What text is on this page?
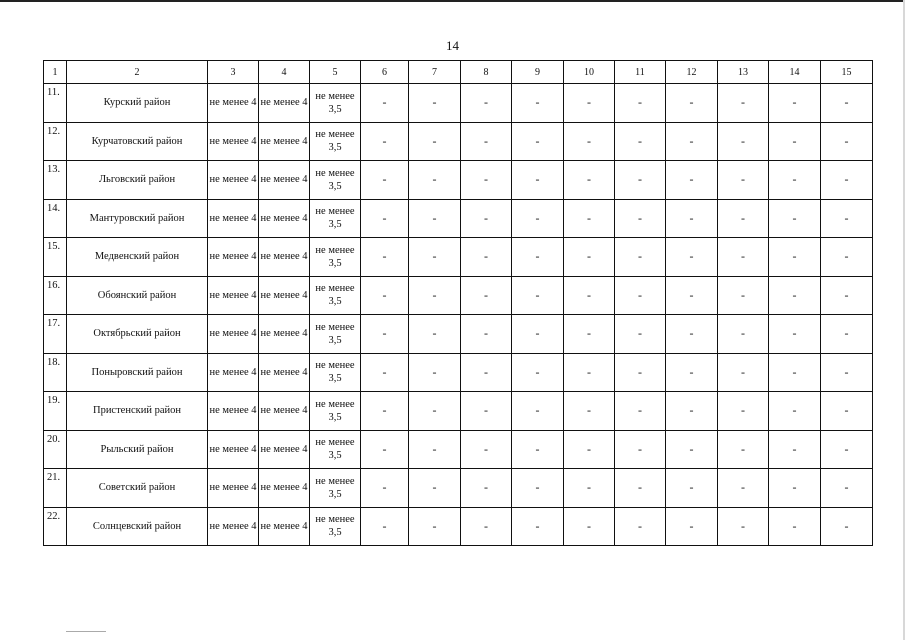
14
1	2	3	4	5	6	7	8	9	10	11	12	13	14	15
11.	Курский район	не менее 4	не менее 4	не менее 3,5	-	-	-	-	-	-	-	-	-	-
12.	Курчатовский район	не менее 4	не менее 4	не менее 3,5	-	-	-	-	-	-	-	-	-	-
13.	Льговский район	не менее 4	не менее 4	не менее 3,5	-	-	-	-	-	-	-	-	-	-
14.	Мантуровский район	не менее 4	не менее 4	не менее 3,5	-	-	-	-	-	-	-	-	-	-
15.	Медвенский район	не менее 4	не менее 4	не менее 3,5	-	-	-	-	-	-	-	-	-	-
16.	Обоянский район	не менее 4	не менее 4	не менее 3,5	-	-	-	-	-	-	-	-	-	-
17.	Октябрьский район	не менее 4	не менее 4	не менее 3,5	-	-	-	-	-	-	-	-	-	-
18.	Поныровский район	не менее 4	не менее 4	не менее 3,5	-	-	-	-	-	-	-	-	-	-
19.	Пристенский район	не менее 4	не менее 4	не менее 3,5	-	-	-	-	-	-	-	-	-	-
20.	Рыльский район	не менее 4	не менее 4	не менее 3,5	-	-	-	-	-	-	-	-	-	-
21.	Советский район	не менее 4	не менее 4	не менее 3,5	-	-	-	-	-	-	-	-	-	-
22.	Солнцевский район	не менее 4	не менее 4	не менее 3,5	-	-	-	-	-	-	-	-	-	-
